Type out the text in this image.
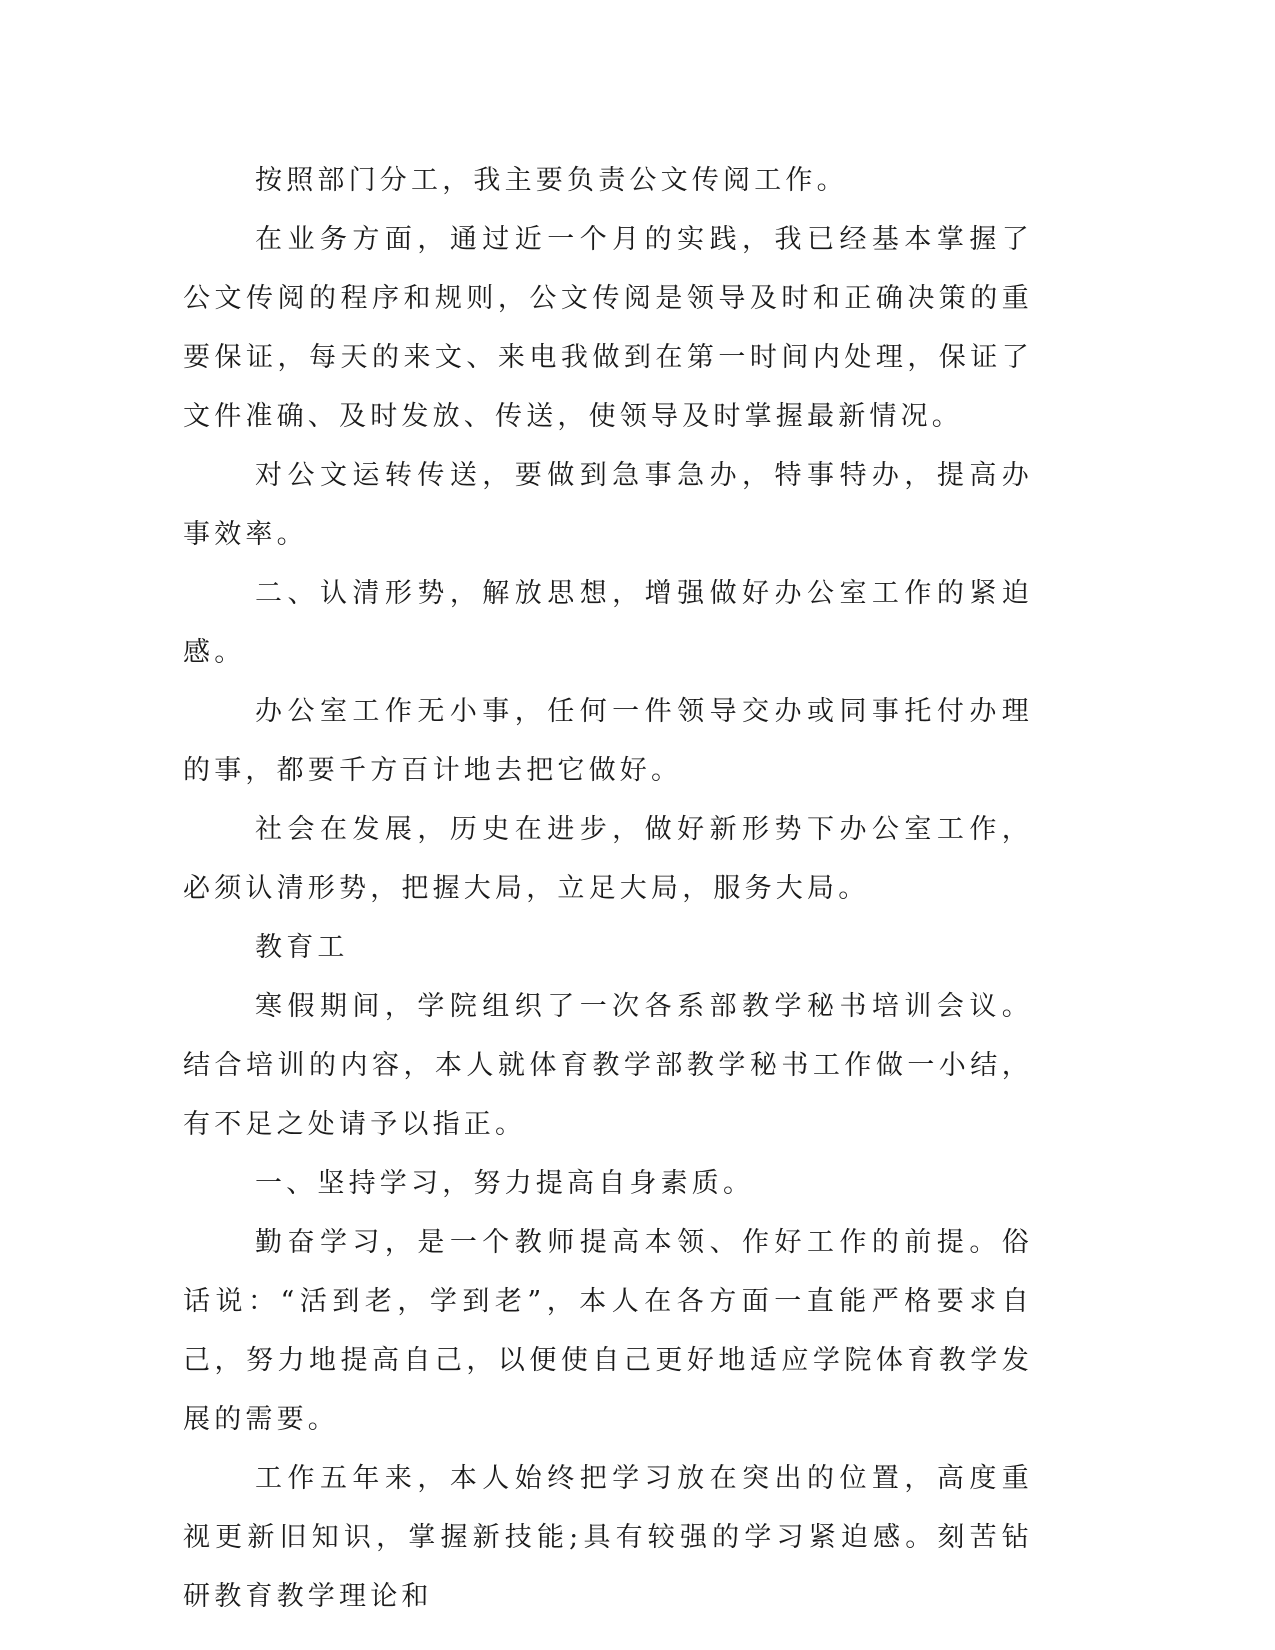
按照部门分工，我主要负责公文传阅工作。

在业务方面，通过近一个月的实践，我已经基本掌握了公文传阅的程序和规则，公文传阅是领导及时和正确决策的重要保证，每天的来文、来电我做到在第一时间内处理，保证了文件准确、及时发放、传送，使领导及时掌握最新情况。

对公文运转传送，要做到急事急办，特事特办，提高办事效率。

二、认清形势，解放思想，增强做好办公室工作的紧迫感。

办公室工作无小事，任何一件领导交办或同事托付办理的事，都要千方百计地去把它做好。

社会在发展，历史在进步，做好新形势下办公室工作，必须认清形势，把握大局，立足大局，服务大局。

教育工

寒假期间，学院组织了一次各系部教学秘书培训会议。结合培训的内容，本人就体育教学部教学秘书工作做一小结，有不足之处请予以指正。

一、坚持学习，努力提高自身素质。

勤奋学习，是一个教师提高本领、作好工作的前提。俗话说：“活到老，学到老”，本人在各方面一直能严格要求自己，努力地提高自己，以便使自己更好地适应学院体育教学发展的需要。

工作五年来，本人始终把学习放在突出的位置，高度重视更新旧知识，掌握新技能;具有较强的学习紧迫感。刻苦钻研教育教学理论和
